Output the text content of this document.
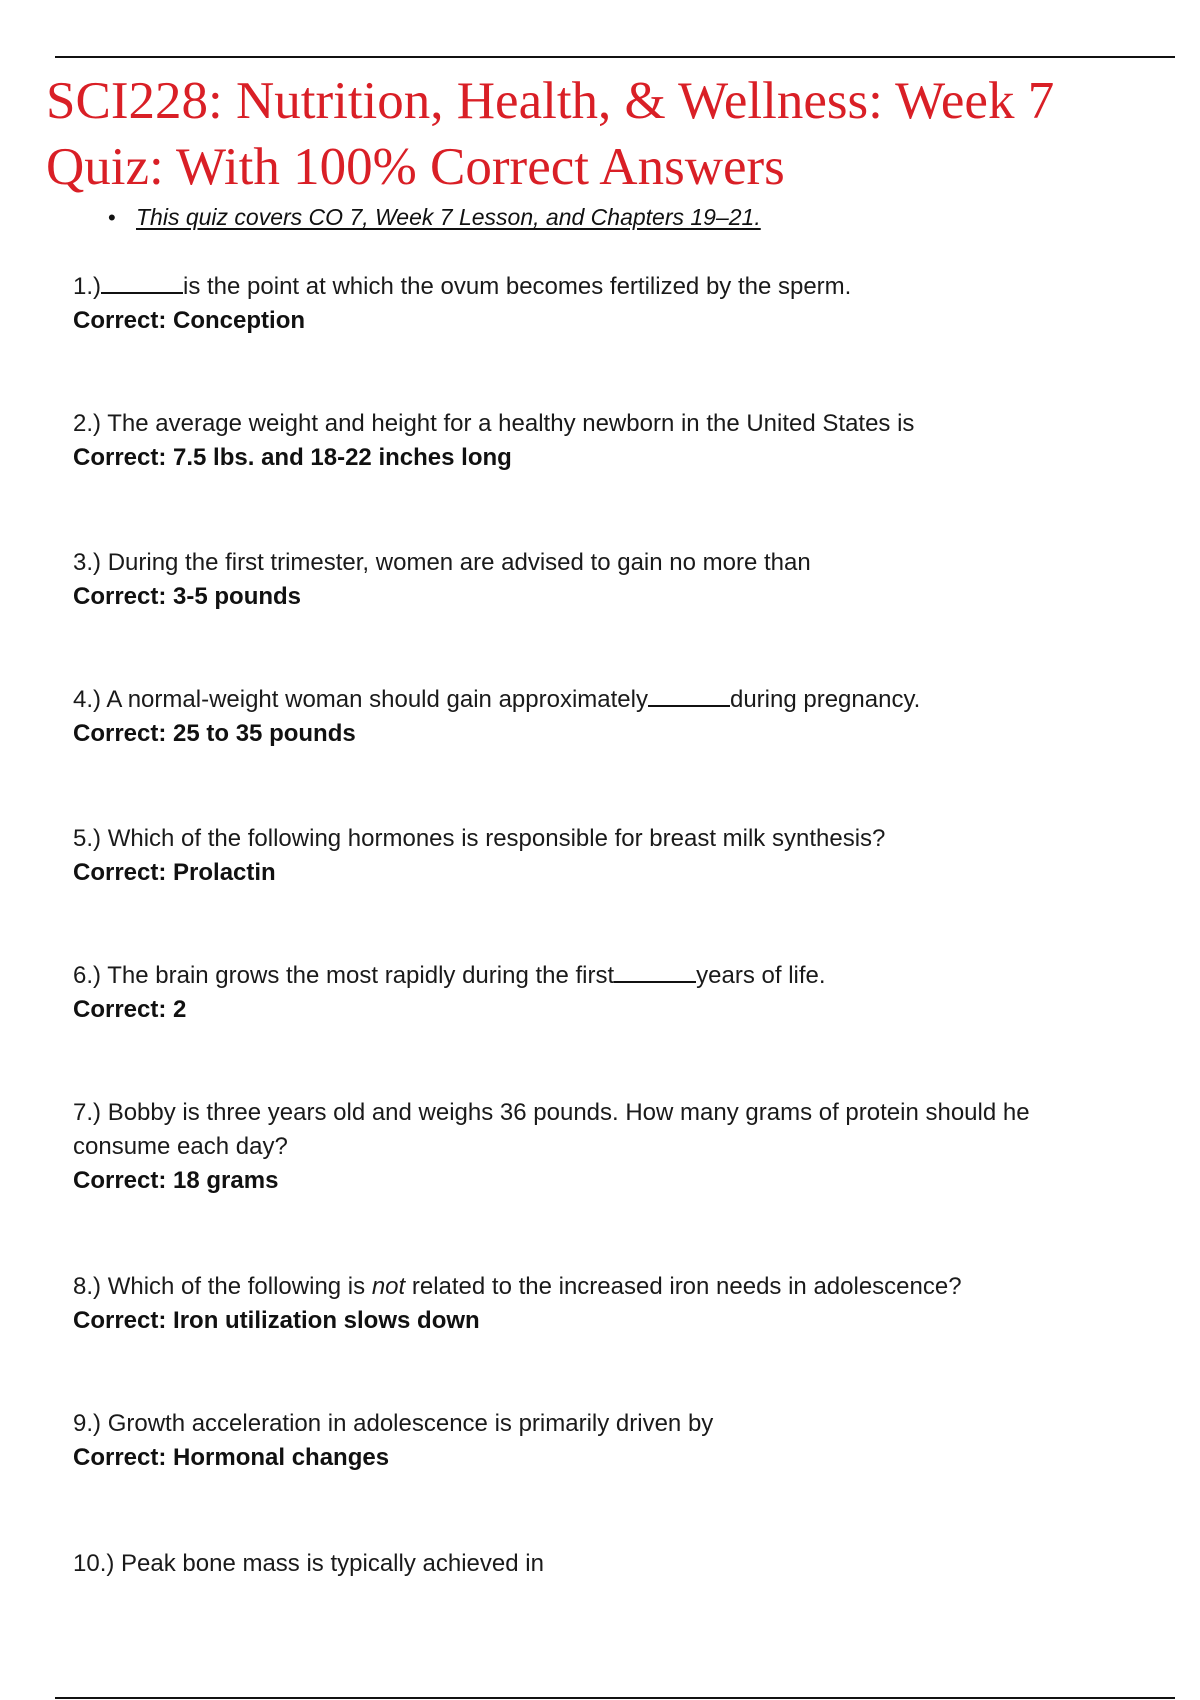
SCI228: Nutrition, Health, & Wellness: Week 7 Quiz: With 100% Correct Answers
• This quiz covers CO 7, Week 7 Lesson, and Chapters 19–21.

1.)	is the point at which the ovum becomes fertilized by the sperm.

Correct: Conception

2.) The average weight and height for a healthy newborn in the United States is

Correct: 7.5 lbs. and 18-22 inches long

3.) During the first trimester, women are advised to gain no more than

Correct: 3-5 pounds

4.) A normal-weight woman should gain approximately	during pregnancy.

Correct: 25 to 35 pounds

5.) Which of the following hormones is responsible for breast milk synthesis?

Correct: Prolactin

6.) The brain grows the most rapidly during the first	years of life.

Correct: 2

7.) Bobby is three years old and weighs 36 pounds. How many grams of protein should he consume each day?

Correct: 18 grams

8.) Which of the following is not related to the increased iron needs in adolescence?

Correct: Iron utilization slows down

9.) Growth acceleration in adolescence is primarily driven by

Correct: Hormonal changes

10.) Peak bone mass is typically achieved in
